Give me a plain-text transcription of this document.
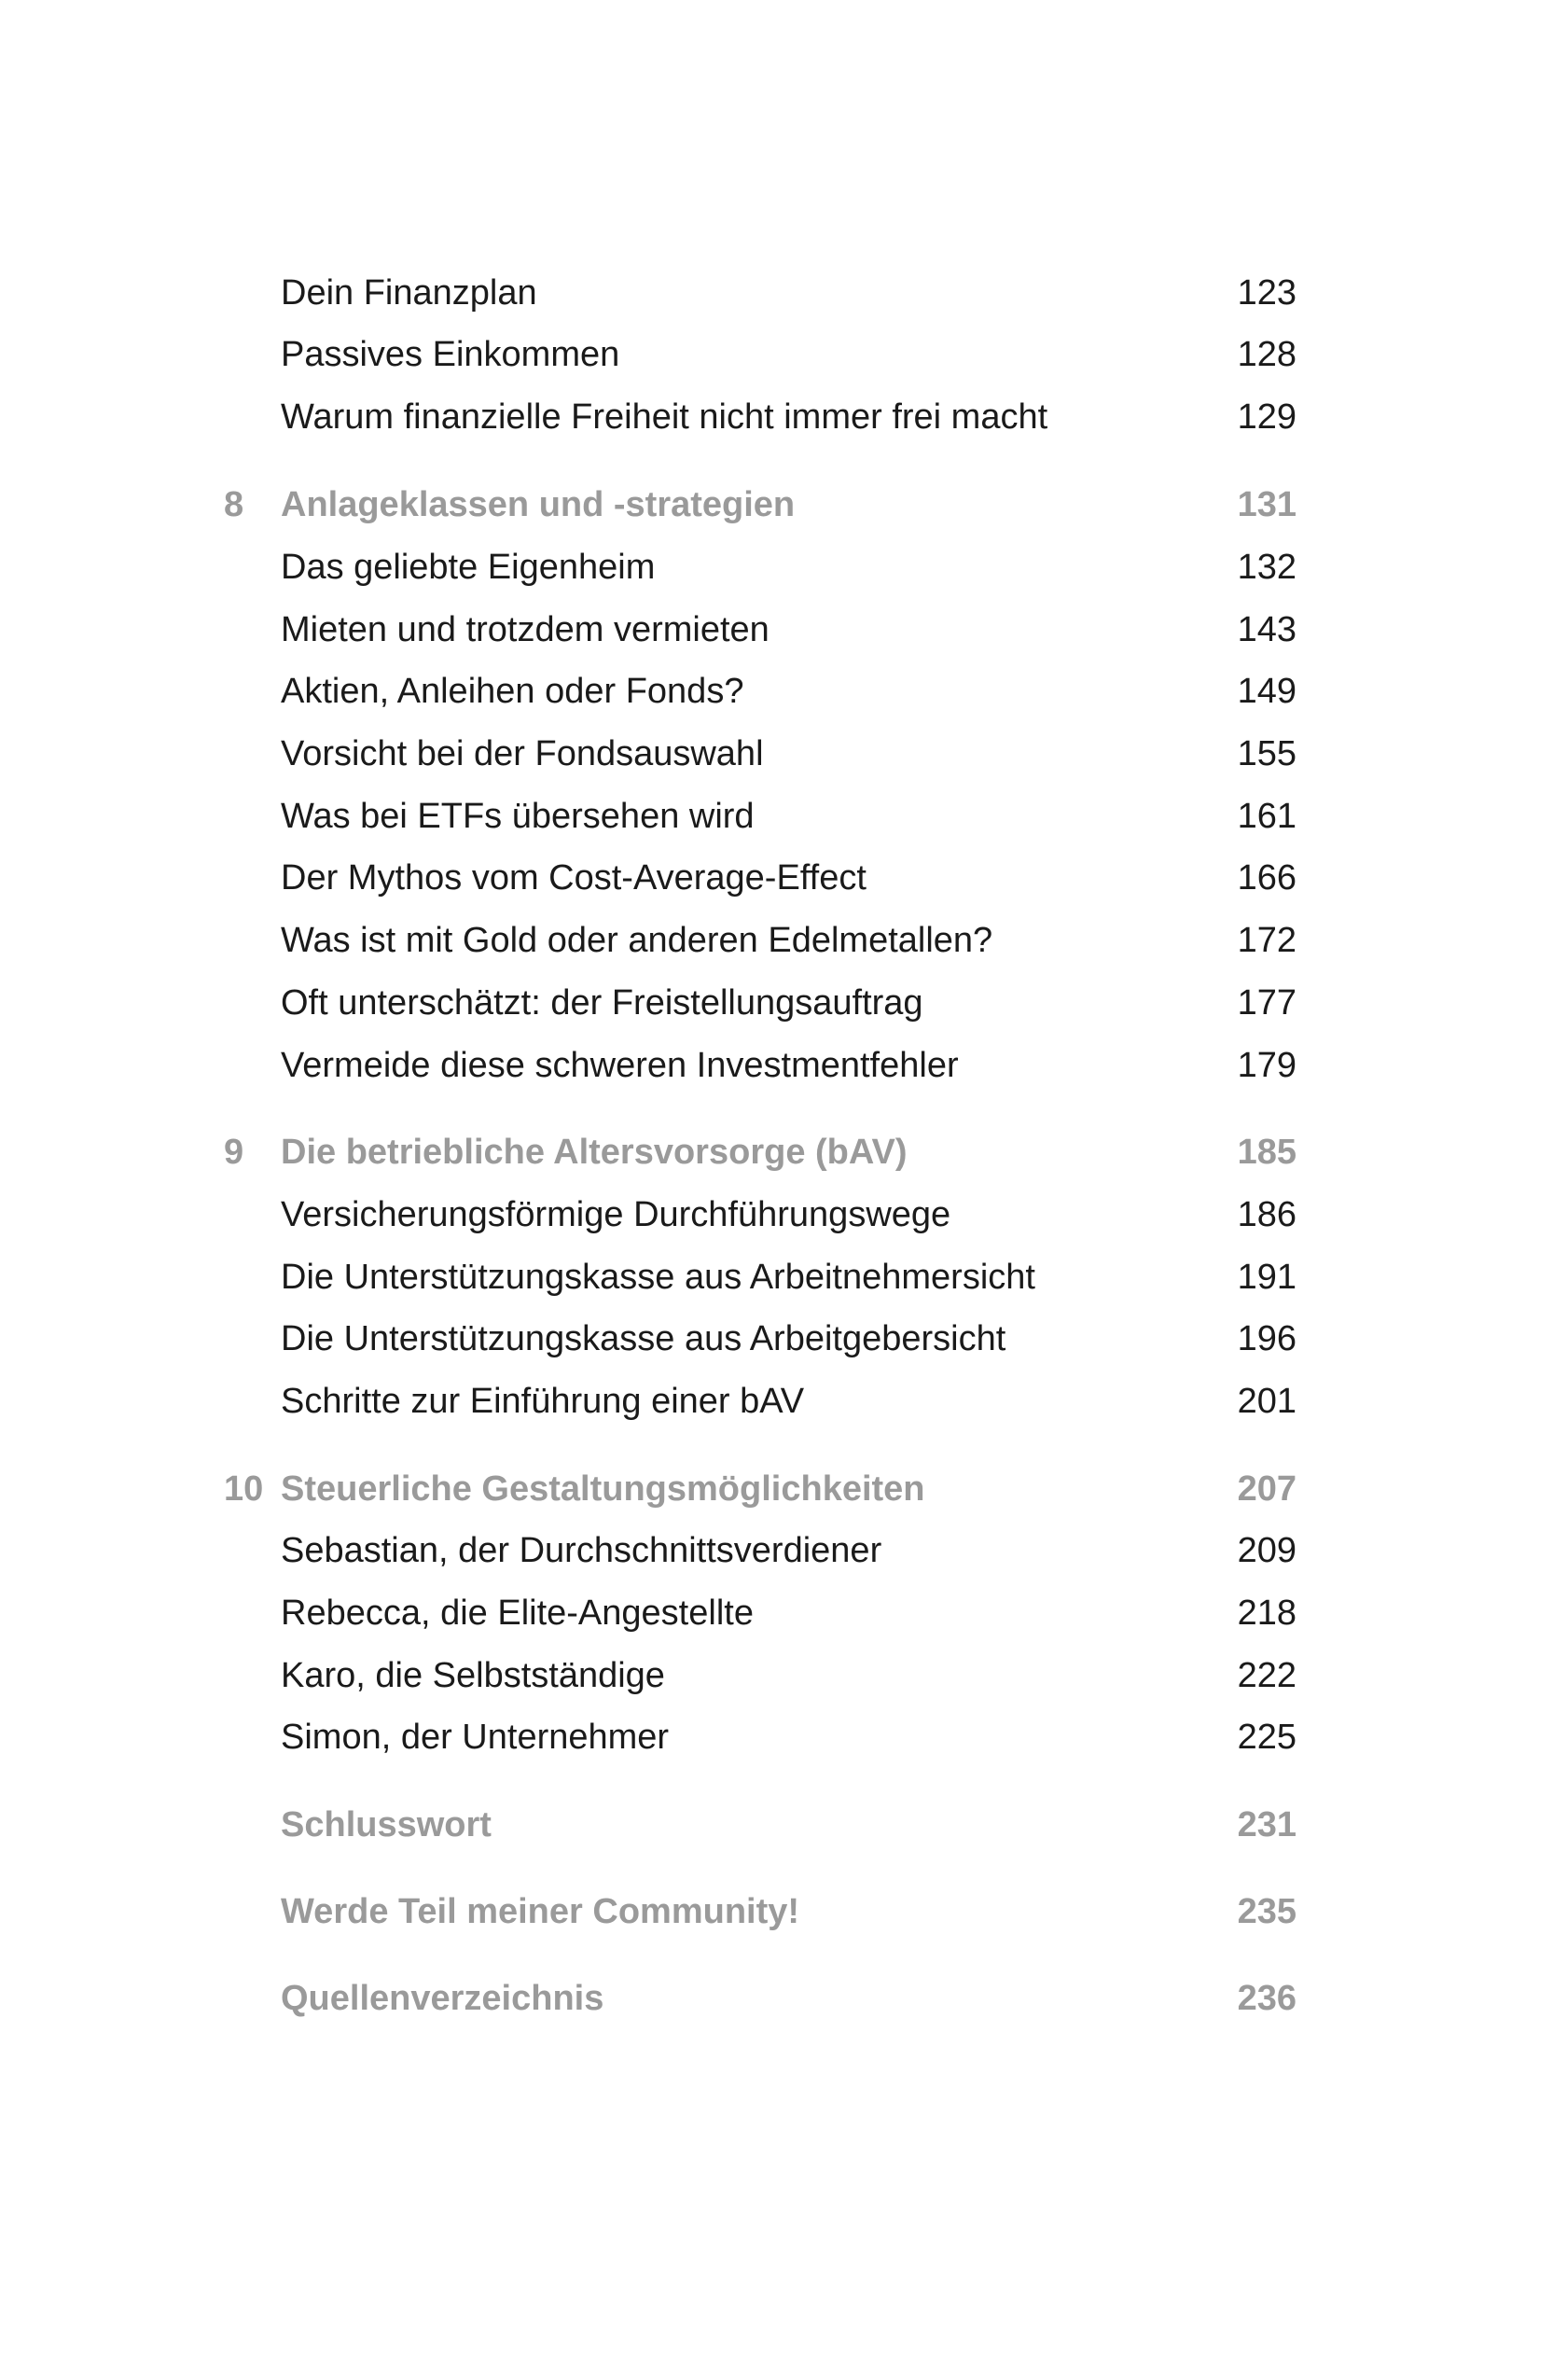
Dein Finanzplan	123
Passives Einkommen	128
Warum finanzielle Freiheit nicht immer frei macht	129
8 Anlageklassen und -strategien	131
Das geliebte Eigenheim	132
Mieten und trotzdem vermieten	143
Aktien, Anleihen oder Fonds?	149
Vorsicht bei der Fondsauswahl	155
Was bei ETFs übersehen wird	161
Der Mythos vom Cost-Average-Effect	166
Was ist mit Gold oder anderen Edelmetallen?	172
Oft unterschätzt: der Freistellungsauftrag	177
Vermeide diese schweren Investmentfehler	179
9 Die betriebliche Altersvorsorge (bAV)	185
Versicherungsförmige Durchführungswege	186
Die Unterstützungskasse aus Arbeitnehmersicht	191
Die Unterstützungskasse aus Arbeitgebersicht	196
Schritte zur Einführung einer bAV	201
10 Steuerliche Gestaltungsmöglichkeiten	207
Sebastian, der Durchschnittsverdiener	209
Rebecca, die Elite-Angestellte	218
Karo, die Selbstständige	222
Simon, der Unternehmer	225
Schlusswort	231
Werde Teil meiner Community!	235
Quellenverzeichnis	236
